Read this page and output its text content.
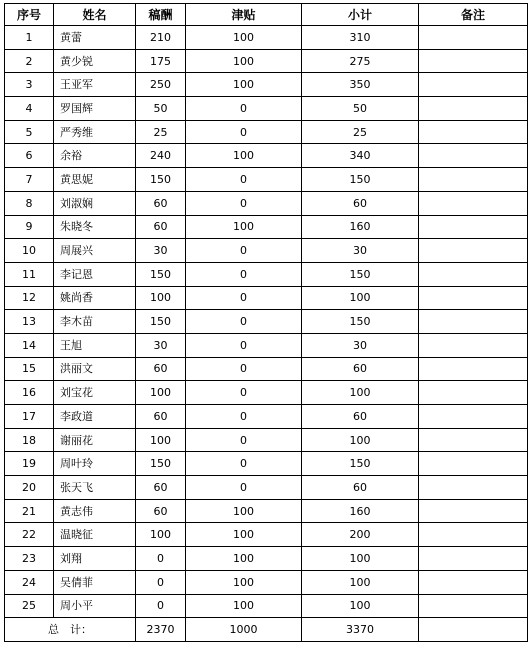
序号	姓名	稿酬	津贴	小计	备注
1	黄蕾	210	100	310	
2	黄少锐	175	100	275	
3	王亚军	250	100	350	
4	罗国辉	50	0	50	
5	严秀维	25	0	25	
6	余裕	240	100	340	
7	黄思妮	150	0	150	
8	刘淑娴	60	0	60	
9	朱晓冬	60	100	160	
10	周展兴	30	0	30	
11	李记恩	150	0	150	
12	姚尚香	100	0	100	
13	李木苗	150	0	150	
14	王旭	30	0	30	
15	洪丽文	60	0	60	
16	刘宝花	100	0	100	
17	李政道	60	0	60	
18	谢丽花	100	0	100	
19	周叶玲	150	0	150	
20	张天飞	60	0	60	
21	黄志伟	60	100	160	
22	温晓征	100	100	200	
23	刘翔	0	100	100	
24	吴倩菲	0	100	100	
25	周小平	0	100	100	
总　计：		2370	1000	3370	
